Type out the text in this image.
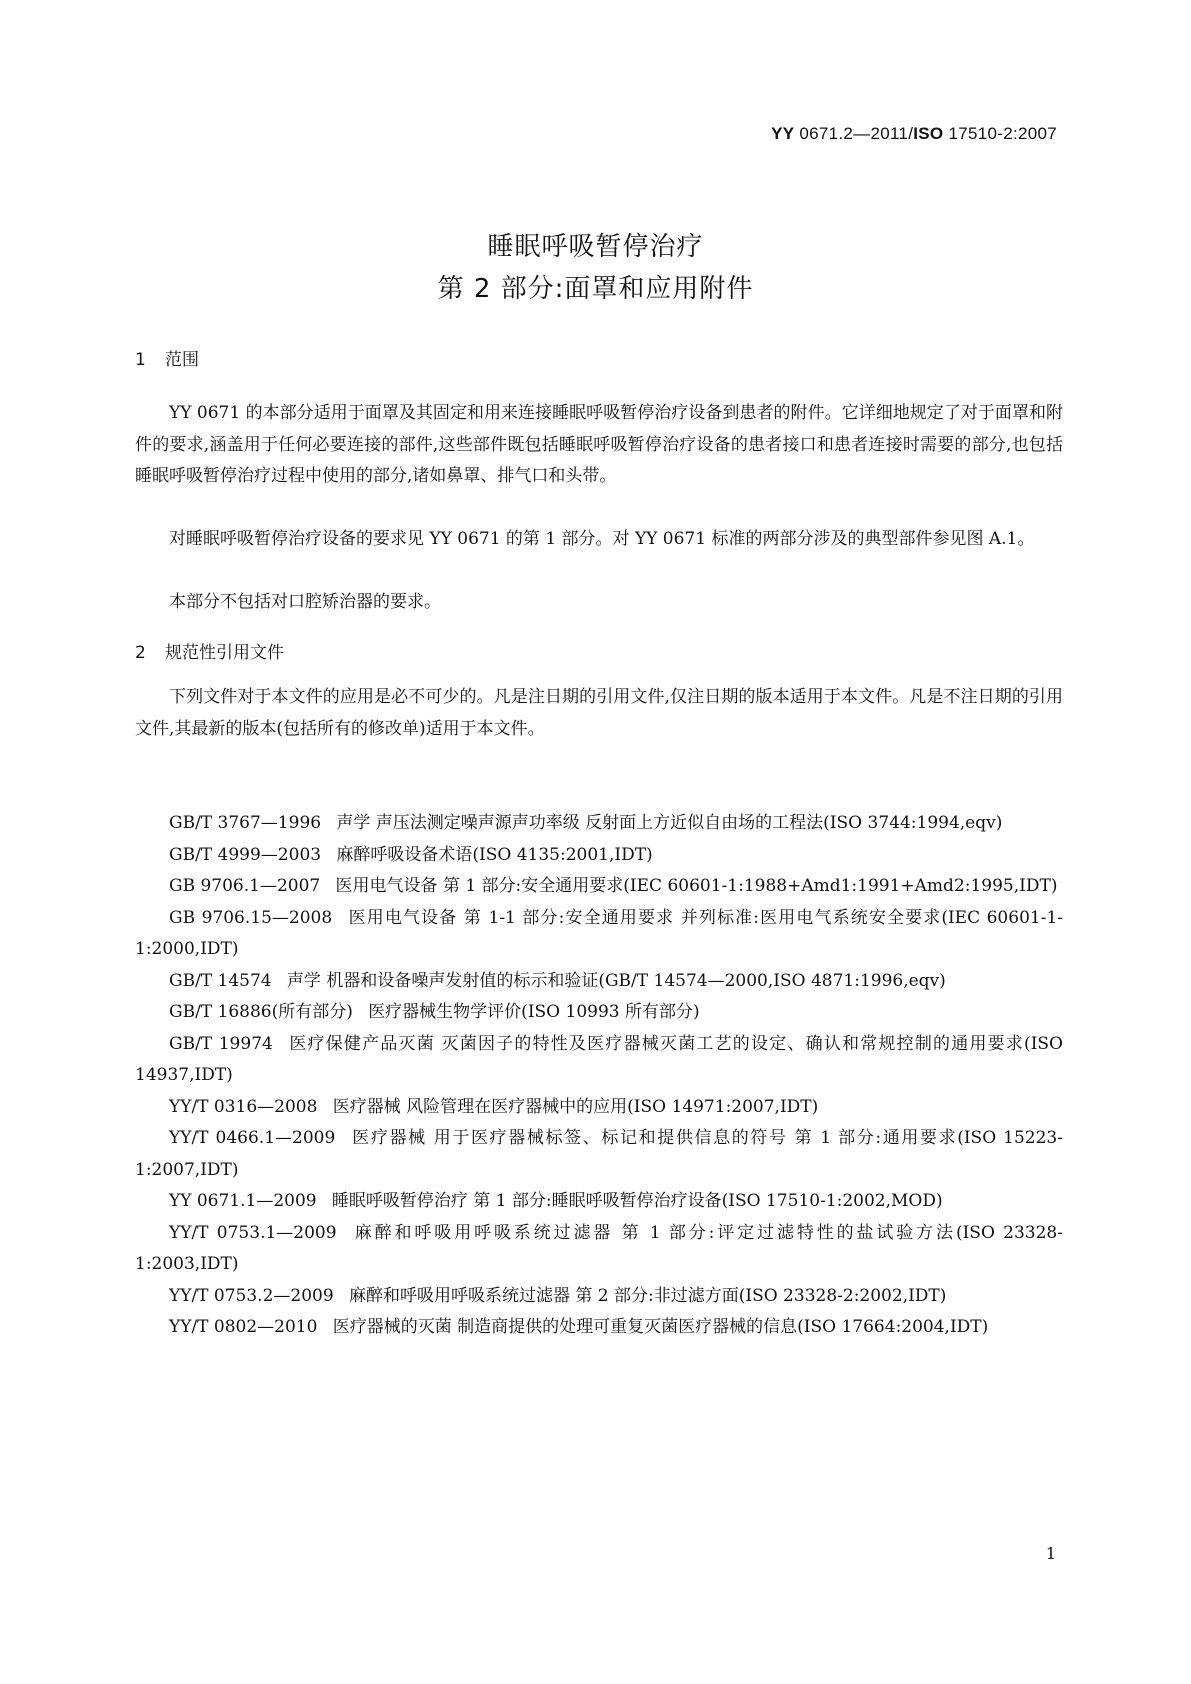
YY 0671.2—2011/ISO 17510-2:2007
睡眠呼吸暂停治疗
第 2 部分:面罩和应用附件
1 范围

YY 0671 的本部分适用于面罩及其固定和用来连接睡眠呼吸暂停治疗设备到患者的附件。它详细地规定了对于面罩和附件的要求,涵盖用于任何必要连接的部件,这些部件既包括睡眠呼吸暂停治疗设备的患者接口和患者连接时需要的部分,也包括睡眠呼吸暂停治疗过程中使用的部分,诸如鼻罩、排气口和头带。

对睡眠呼吸暂停治疗设备的要求见 YY 0671 的第 1 部分。对 YY 0671 标准的两部分涉及的典型部件参见图 A.1。

本部分不包括对口腔矫治器的要求。

2 规范性引用文件

下列文件对于本文件的应用是必不可少的。凡是注日期的引用文件,仅注日期的版本适用于本文件。凡是不注日期的引用文件,其最新的版本(包括所有的修改单)适用于本文件。

GB/T 3767—1996 声学 声压法测定噪声源声功率级 反射面上方近似自由场的工程法(ISO 3744:1994,eqv)

GB/T 4999—2003 麻醉呼吸设备术语(ISO 4135:2001,IDT)

GB 9706.1—2007 医用电气设备 第 1 部分:安全通用要求(IEC 60601-1:1988+Amd1:1991+Amd2:1995,IDT)

GB 9706.15—2008 医用电气设备 第 1-1 部分:安全通用要求 并列标准:医用电气系统安全要求(IEC 60601-1-1:2000,IDT)

GB/T 14574 声学 机器和设备噪声发射值的标示和验证(GB/T 14574—2000,ISO 4871:1996,eqv)

GB/T 16886(所有部分) 医疗器械生物学评价(ISO 10993 所有部分)

GB/T 19974 医疗保健产品灭菌 灭菌因子的特性及医疗器械灭菌工艺的设定、确认和常规控制的通用要求(ISO 14937,IDT)

YY/T 0316—2008 医疗器械 风险管理在医疗器械中的应用(ISO 14971:2007,IDT)

YY/T 0466.1—2009 医疗器械 用于医疗器械标签、标记和提供信息的符号 第 1 部分:通用要求(ISO 15223-1:2007,IDT)

YY 0671.1—2009 睡眠呼吸暂停治疗 第 1 部分:睡眠呼吸暂停治疗设备(ISO 17510-1:2002,MOD)

YY/T 0753.1—2009 麻醉和呼吸用呼吸系统过滤器 第 1 部分:评定过滤特性的盐试验方法(ISO 23328-1:2003,IDT)

YY/T 0753.2—2009 麻醉和呼吸用呼吸系统过滤器 第 2 部分:非过滤方面(ISO 23328-2:2002,IDT)

YY/T 0802—2010 医疗器械的灭菌 制造商提供的处理可重复灭菌医疗器械的信息(ISO 17664:2004,IDT)

1
